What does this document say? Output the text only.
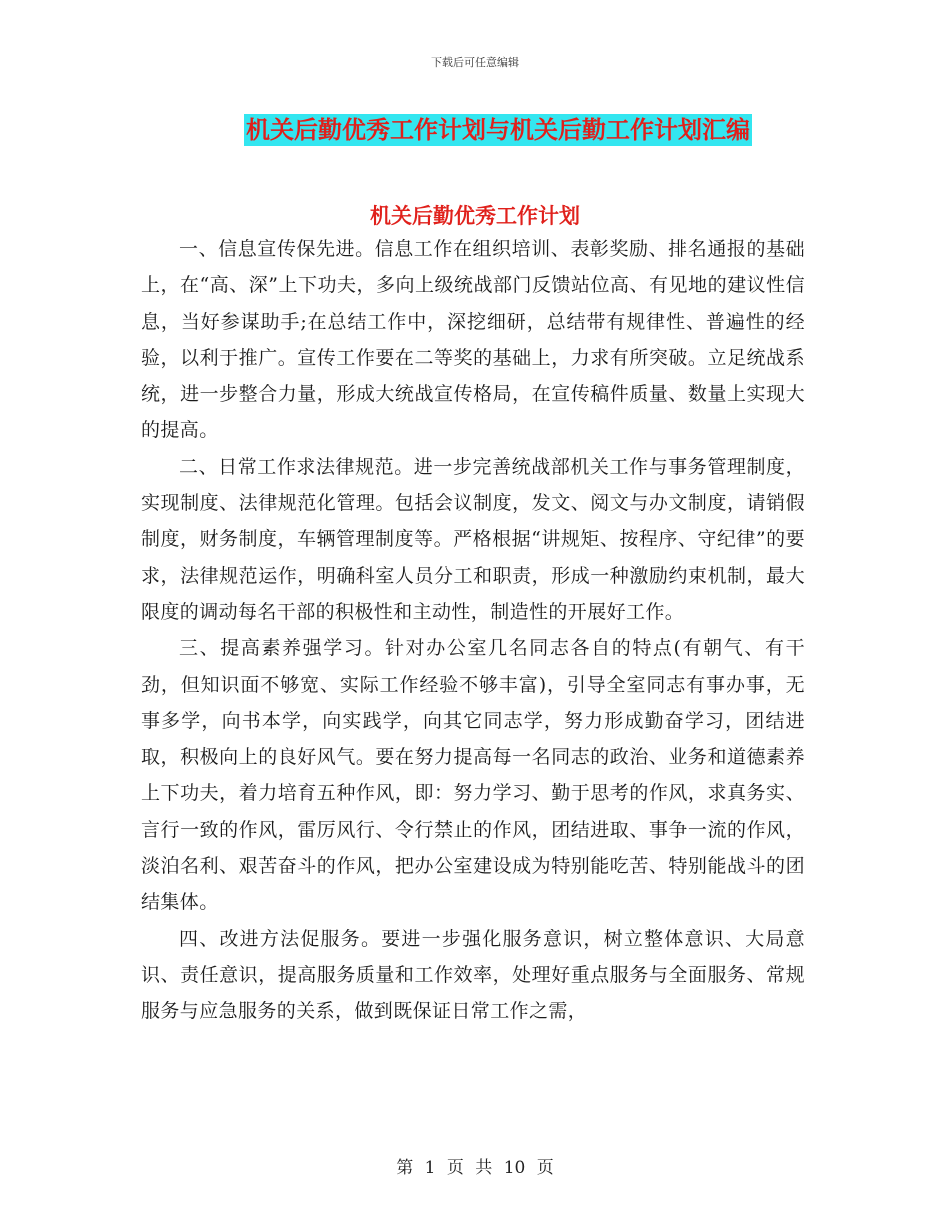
下载后可任意编辑
机关后勤优秀工作计划与机关后勤工作计划汇编
机关后勤优秀工作计划

一、信息宣传保先进。信息工作在组织培训、表彰奖励、排名通报的基础上，在“高、深”上下功夫，多向上级统战部门反馈站位高、有见地的建议性信息，当好参谋助手;在总结工作中，深挖细研，总结带有规律性、普遍性的经验，以利于推广。宣传工作要在二等奖的基础上，力求有所突破。立足统战系统，进一步整合力量，形成大统战宣传格局，在宣传稿件质量、数量上实现大的提高。

二、日常工作求法律规范。进一步完善统战部机关工作与事务管理制度，实现制度、法律规范化管理。包括会议制度，发文、阅文与办文制度，请销假制度，财务制度，车辆管理制度等。严格根据“讲规矩、按程序、守纪律”的要求，法律规范运作，明确科室人员分工和职责，形成一种激励约束机制，最大限度的调动每名干部的积极性和主动性，制造性的开展好工作。

三、提高素养强学习。针对办公室几名同志各自的特点(有朝气、有干劲，但知识面不够宽、实际工作经验不够丰富)，引导全室同志有事办事，无事多学，向书本学，向实践学，向其它同志学，努力形成勤奋学习，团结进取，积极向上的良好风气。要在努力提高每一名同志的政治、业务和道德素养上下功夫，着力培育五种作风，即：努力学习、勤于思考的作风，求真务实、言行一致的作风，雷厉风行、令行禁止的作风，团结进取、事争一流的作风，淡泊名利、艰苦奋斗的作风，把办公室建设成为特别能吃苦、特别能战斗的团结集体。

四、改进方法促服务。要进一步强化服务意识，树立整体意识、大局意识、责任意识，提高服务质量和工作效率，处理好重点服务与全面服务、常规服务与应急服务的关系，做到既保证日常工作之需，

第 1 页 共 10 页
